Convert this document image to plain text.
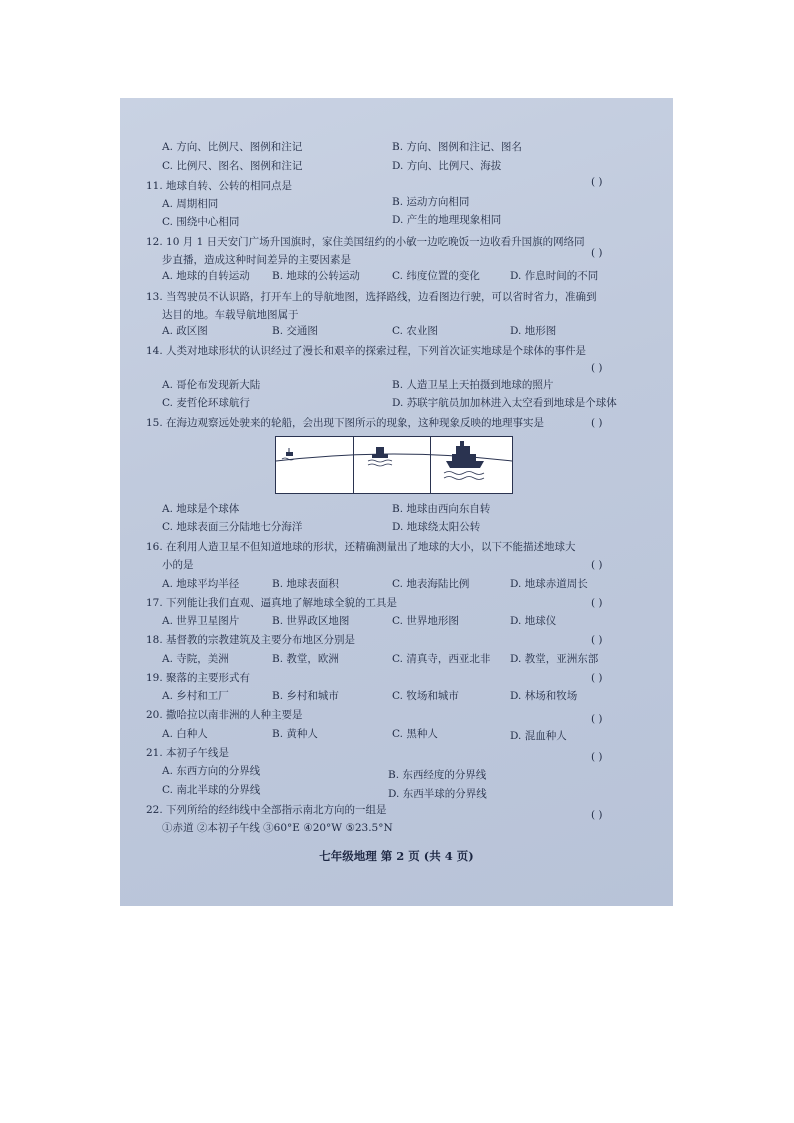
A. 方向、比例尺、图例和注记	B. 方向、图例和注记、图名
C. 比例尺、图名、图例和注记	D. 方向、比例尺、海拔
11. 地球自转、公转的相同点是	( )
A. 周期相同	B. 运动方向相同
C. 围绕中心相同	D. 产生的地理现象相同
12. 10 月 1 日天安门广场升国旗时，家住美国纽约的小敏一边吃晚饭一边收看升国旗的网络同
步直播，造成这种时间差异的主要因素是
( )
A. 地球的自转运动 B. 地球的公转运动	C. 纬度位置的变化	D. 作息时间的不同
13. 当驾驶员不认识路，打开车上的导航地图，选择路线，边看图边行驶，可以省时省力，准确到
达目的地。车载导航地图属于
A. 政区图	B. 交通图	C. 农业图	D. 地形图
14. 人类对地球形状的认识经过了漫长和艰辛的探索过程，下列首次证实地球是个球体的事件是
( )
A. 哥伦布发现新大陆	B. 人造卫星上天拍摄到地球的照片
C. 麦哲伦环球航行	D. 苏联宇航员加加林进入太空看到地球是个球体
15. 在海边观察远处驶来的轮船，会出现下图所示的现象，这种现象反映的地理事实是	( )
A. 地球是个球体	B. 地球由西向东自转
C. 地球表面三分陆地七分海洋	D. 地球绕太阳公转
16. 在利用人造卫星不但知道地球的形状，还精确测量出了地球的大小，以下不能描述地球大
小的是	( )
A. 地球平均半径	B. 地球表面积	C. 地表海陆比例	D. 地球赤道周长
17. 下列能让我们直观、逼真地了解地球全貌的工具是	( )
A. 世界卫星图片	B. 世界政区地图	C. 世界地形图	D. 地球仪
18. 基督教的宗教建筑及主要分布地区分别是	( )
A. 寺院，美洲	B. 教堂，欧洲	C. 清真寺，西亚北非 D. 教堂，亚洲东部
19. 聚落的主要形式有	( )
A. 乡村和工厂	B. 乡村和城市	C. 牧场和城市	D. 林场和牧场
20. 撒哈拉以南非洲的人种主要是	( )
A. 白种人	B. 黄种人	C. 黑种人	D. 混血种人
21. 本初子午线是	( )
A. 东西方向的分界线	B. 东西经度的分界线
C. 南北半球的分界线	D. 东西半球的分界线
22. 下列所给的经纬线中全部指示南北方向的一组是	( )
①赤道 ②本初子午线 ③60°E ④20°W ⑤23.5°N
七年级地理 第 2 页 (共 4 页)
